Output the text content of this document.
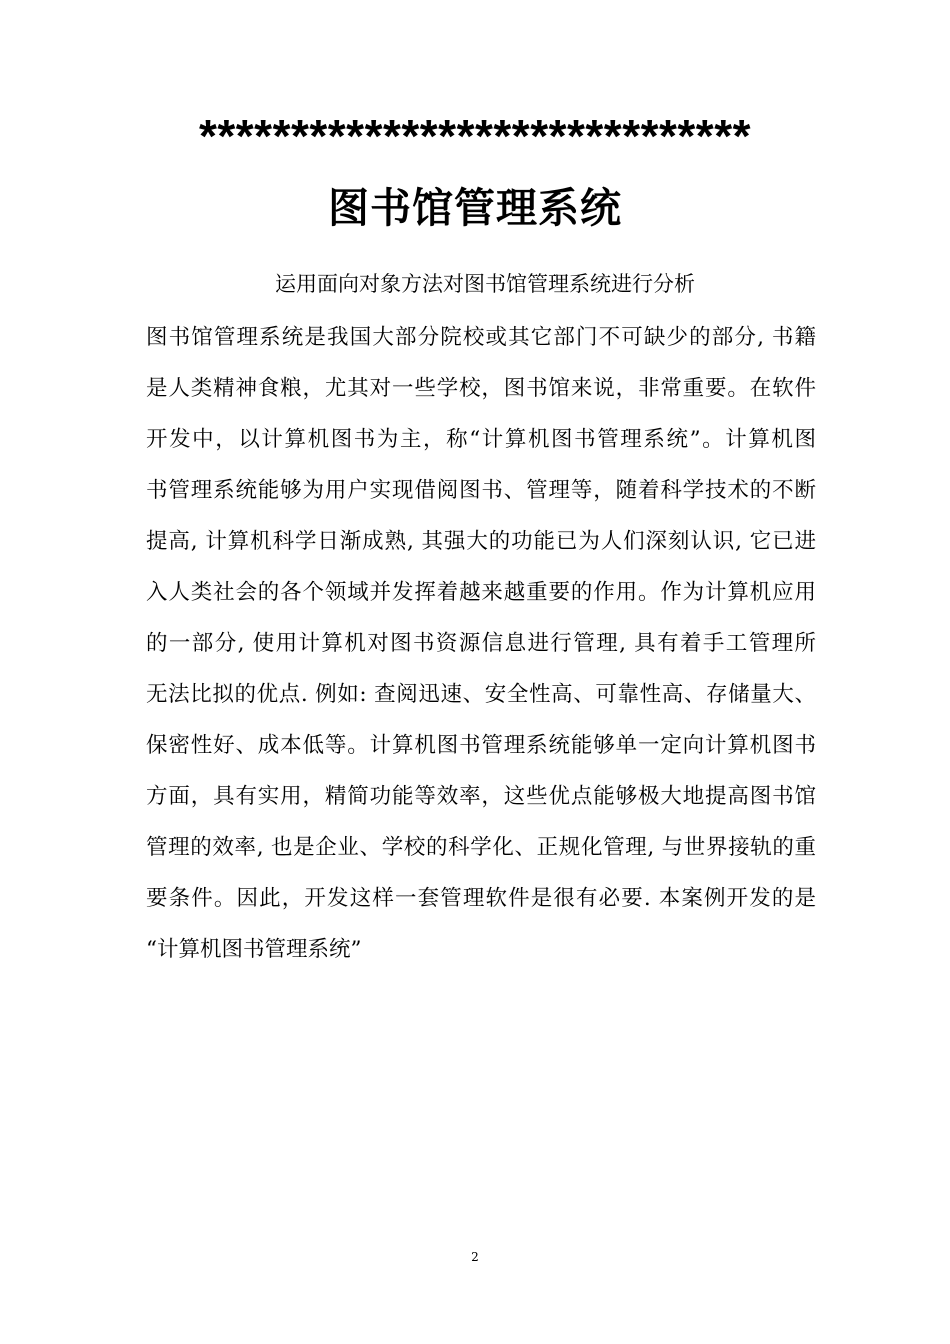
******************************
图书馆管理系统
运用面向对象方法对图书馆管理系统进行分析
图书馆管理系统是我国大部分院校或其它部门不可缺少的部分, 书籍
是人类精神食粮，尤其对一些学校，图书馆来说，非常重要。在软件
开发中，以计算机图书为主，称“计算机图书管理系统”。计算机图
书管理系统能够为用户实现借阅图书、管理等，随着科学技术的不断
提高, 计算机科学日渐成熟, 其强大的功能已为人们深刻认识, 它已进
入人类社会的各个领域并发挥着越来越重要的作用。作为计算机应用
的一部分, 使用计算机对图书资源信息进行管理, 具有着手工管理所
无法比拟的优点. 例如: 查阅迅速、安全性高、可靠性高、存储量大、
保密性好、成本低等。计算机图书管理系统能够单一定向计算机图书
方面，具有实用，精简功能等效率，这些优点能够极大地提高图书馆
管理的效率, 也是企业、学校的科学化、正规化管理, 与世界接轨的重
要条件。因此，开发这样一套管理软件是很有必要. 本案例开发的是
“计算机图书管理系统”
2
